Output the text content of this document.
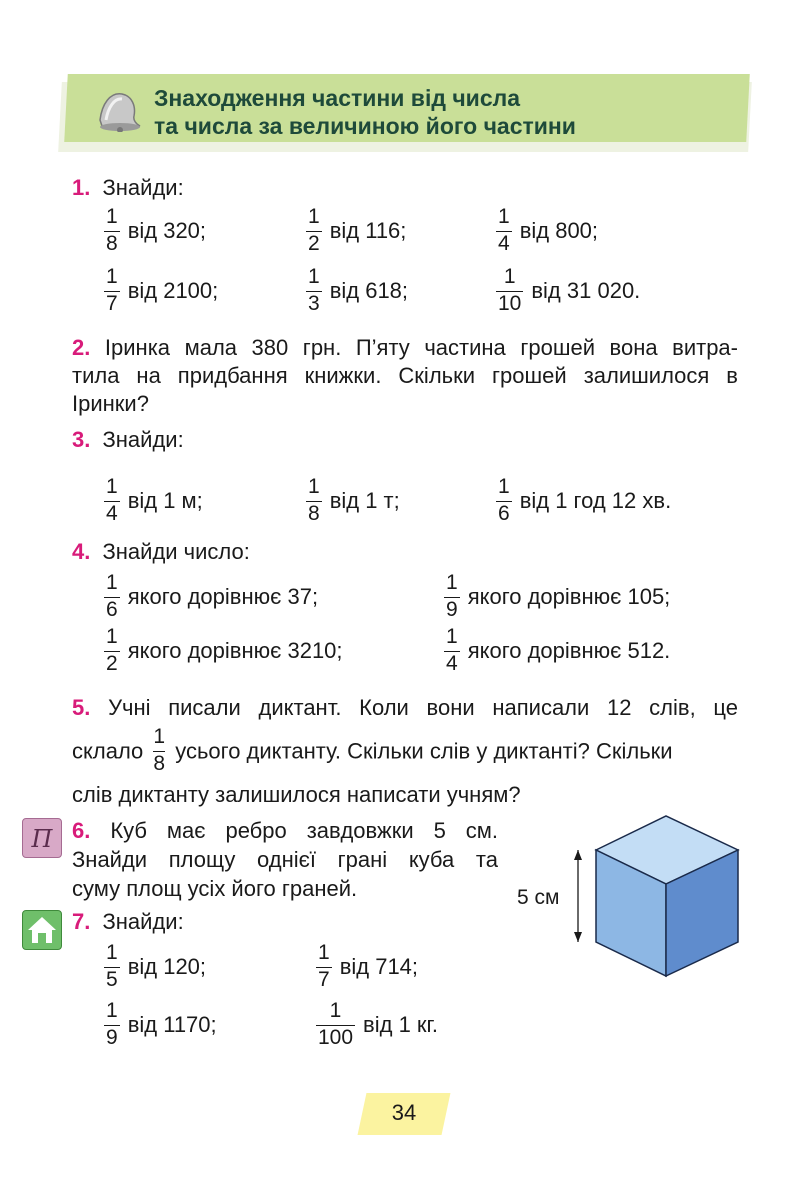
Знаходження частини від числа
та числа за величиною його частини
1. Знайди:
1
8
від 320;
1
2
від 116;
1
4
від 800;
1
7
від 2100;
1
3
від 618;
1
10
від 31 020.
2. Іринка мала 380 грн. П’яту частина грошей вона витра-
тила на придбання книжки. Скільки грошей залишилося в
Іринки?
3. Знайди:
1
4
від 1 м;
1
8
від 1 т;
1
6
від 1 год 12 хв.
4. Знайди число:
1
6
якого дорівнює 37;
1
9
якого дорівнює 105;
1
2
якого дорівнює 3210;
1
4
якого дорівнює 512.
5. Учні писали диктант. Коли вони написали 12 слів, це
склало $\frac{1}{8}$ усього диктанту. Скільки слів у диктанті? Скільки
слів диктанту залишилося написати учням?
П 6. Куб має ребро завдовжки 5 см.
Знайди площу однієї грані куба та
суму площ усіх його граней.	5 см
7. Знайди:
1
5
від 120;
1
7
від 714;
1
9
від 1170;
1
100
від 1 кг.
34
